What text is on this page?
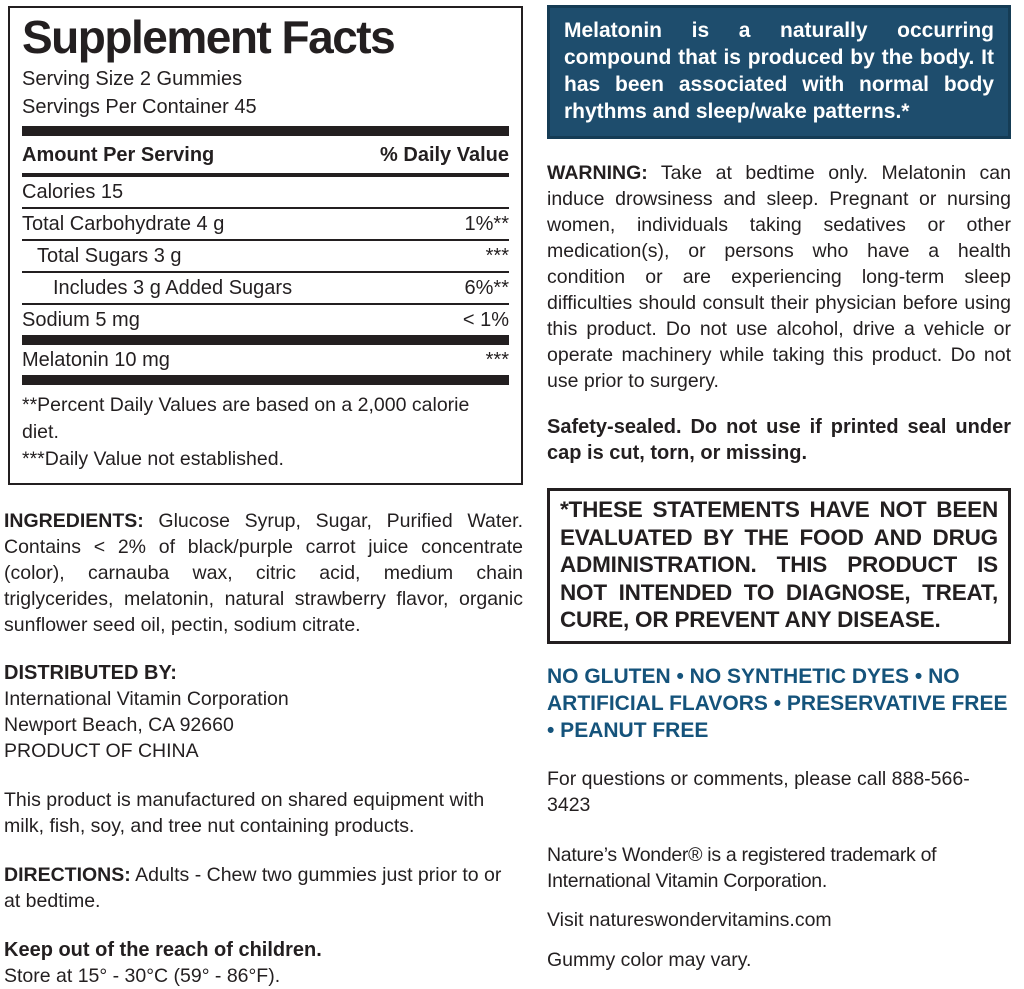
Supplement Facts
Serving Size 2 Gummies
Servings Per Container 45
Amount Per Serving	% Daily Value
Calories 15
Total Carbohydrate 4 g	1%**
Total Sugars 3 g	***
Includes 3 g Added Sugars	6%**
Sodium 5 mg	< 1%
Melatonin 10 mg	***
**Percent Daily Values are based on a 2,000 calorie diet.
***Daily Value not established.
INGREDIENTS: Glucose Syrup, Sugar, Purified Water. Contains < 2% of black/purple carrot juice concentrate (color), carnauba wax, citric acid, medium chain triglycerides, melatonin, natural strawberry flavor, organic sunflower seed oil, pectin, sodium citrate.
DISTRIBUTED BY:
International Vitamin Corporation
Newport Beach, CA 92660
PRODUCT OF CHINA
This product is manufactured on shared equipment with milk, fish, soy, and tree nut containing products.
DIRECTIONS: Adults - Chew two gummies just prior to or at bedtime.
Keep out of the reach of children.
Store at 15° - 30°C (59° - 86°F).
Melatonin is a naturally occurring compound that is produced by the body. It has been associated with normal body rhythms and sleep/wake patterns.*
WARNING: Take at bedtime only. Melatonin can induce drowsiness and sleep. Pregnant or nursing women, individuals taking sedatives or other medication(s), or persons who have a health condition or are experiencing long-term sleep difficulties should consult their physician before using this product. Do not use alcohol, drive a vehicle or operate machinery while taking this product. Do not use prior to surgery.
Safety-sealed. Do not use if printed seal under cap is cut, torn, or missing.
*THESE STATEMENTS HAVE NOT BEEN EVALUATED BY THE FOOD AND DRUG ADMINISTRATION. THIS PRODUCT IS NOT INTENDED TO DIAGNOSE, TREAT, CURE, OR PREVENT ANY DISEASE.
NO GLUTEN • NO SYNTHETIC DYES • NO ARTIFICIAL FLAVORS • PRESERVATIVE FREE • PEANUT FREE
For questions or comments, please call 888-566-3423
Nature’s Wonder® is a registered trademark of International Vitamin Corporation.
Visit natureswondervitamins.com
Gummy color may vary.
